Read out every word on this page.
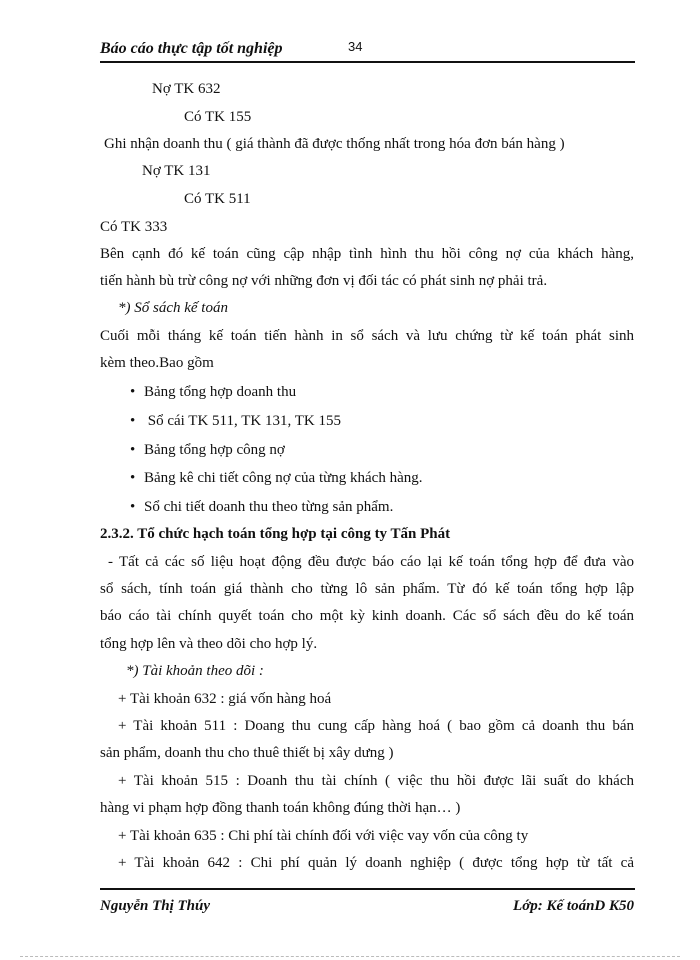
Báo cáo thực tập tốt nghiệp	34
Nợ TK 632
Có TK 155
Ghi nhận doanh thu ( giá thành đã được thống nhất trong hóa đơn bán hàng )
Nợ TK 131
Có TK 511
Có TK 333
Bên cạnh đó kế toán cũng cập nhập tình hình thu hồi công nợ của khách hàng,
tiến hành bù trừ công nợ với những đơn vị đối tác có phát sinh nợ phải trả.
*) Sổ sách kế toán
Cuối mỗi tháng kế toán tiến hành in sổ sách và lưu chứng từ kế toán phát sinh
kèm theo.Bao gồm
• Bảng tổng hợp doanh thu
• Sổ cái TK 511, TK 131, TK 155
• Bảng tổng hợp công nợ
• Bảng kê chi tiết công nợ của từng khách hàng.
• Sổ chi tiết doanh thu theo từng sản phẩm.
2.3.2. Tổ chức hạch toán tổng hợp tại công ty Tấn Phát
- Tất cả các số liệu hoạt động đều được báo cáo lại kế toán tổng hợp để đưa vào
sổ sách, tính toán giá thành cho từng lô sản phẩm. Từ đó kế toán tổng hợp lập
báo cáo tài chính quyết toán cho một kỳ kinh doanh. Các sổ sách đều do kế toán
tổng hợp lên và theo dõi cho hợp lý.
*) Tài khoản theo dõi :
+ Tài khoản 632 : giá vốn hàng hoá
+ Tài khoản 511 : Doang thu cung cấp hàng hoá ( bao gồm cả doanh thu bán
sản phẩm, doanh thu cho thuê thiết bị xây dưng )
+ Tài khoản 515 : Doanh thu tài chính ( việc thu hồi được lãi suất do khách
hàng vi phạm hợp đồng thanh toán không đúng thời hạn… )
+ Tài khoản 635 : Chi phí tài chính đối với việc vay vốn của công ty
+ Tài khoản 642 : Chi phí quản lý doanh nghiệp ( được tổng hợp từ tất cả
Nguyễn Thị Thúy	Lớp: Kế toánD K50
